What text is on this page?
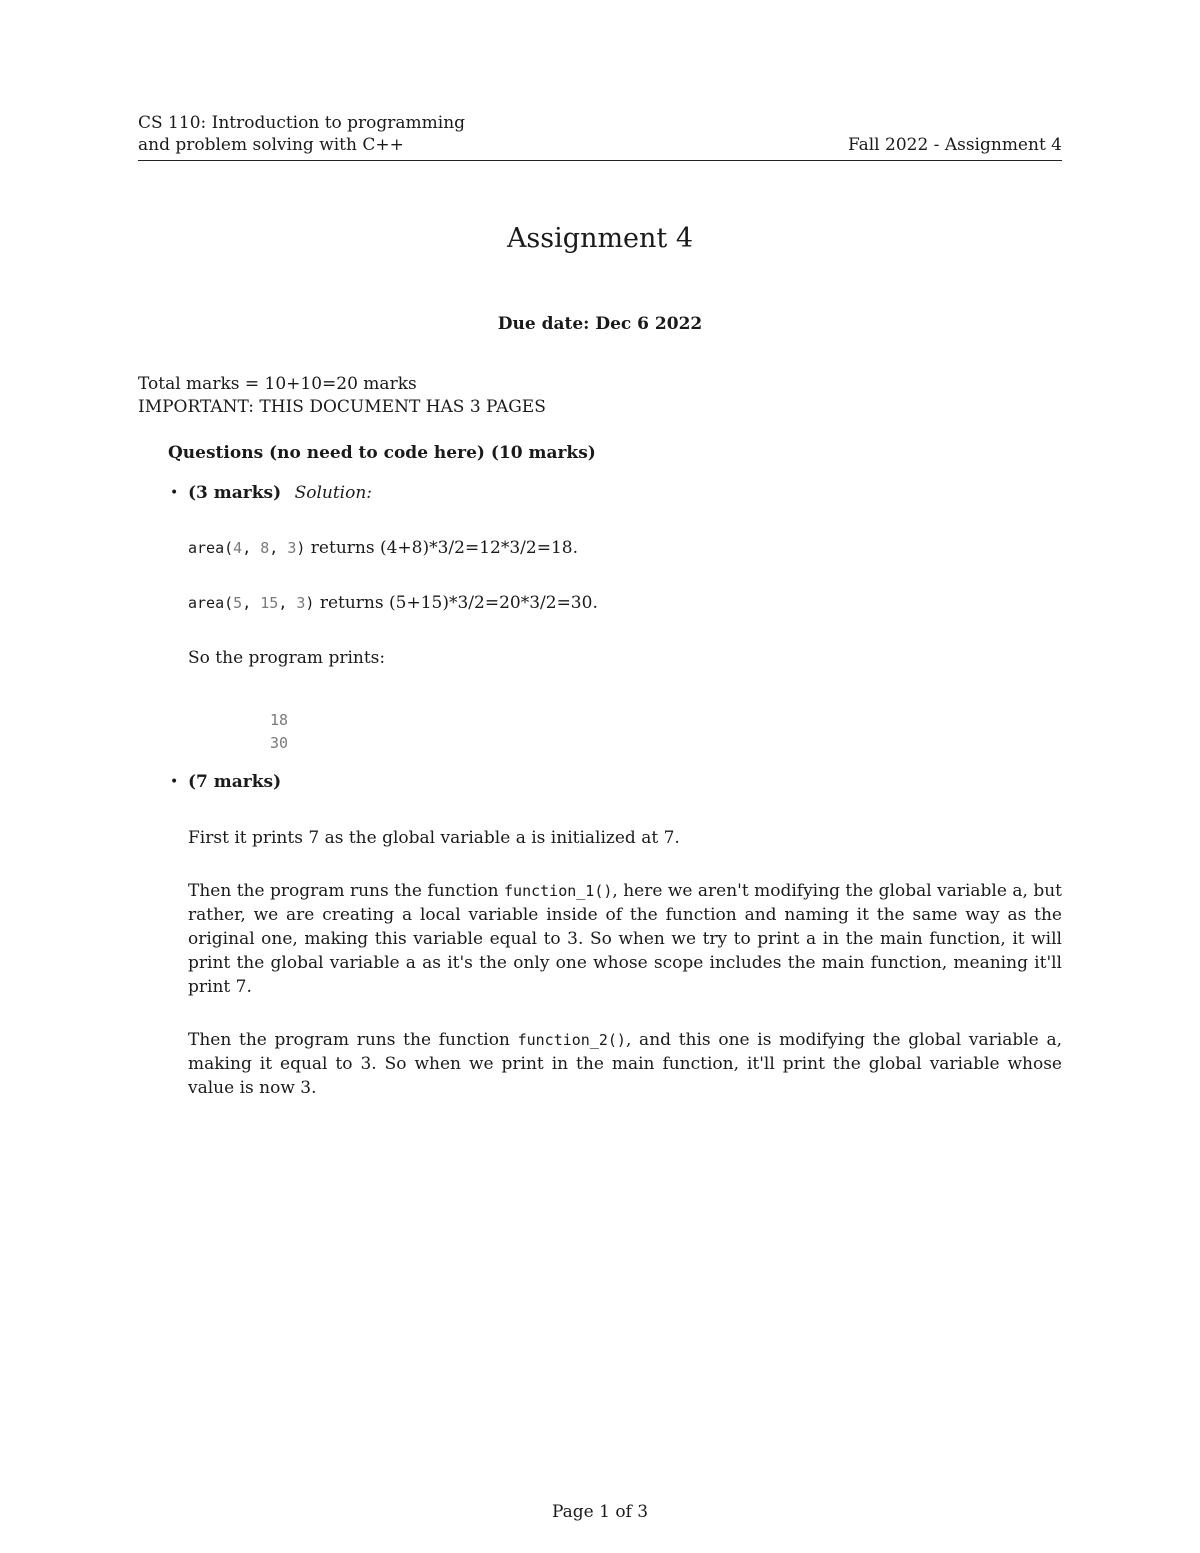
CS 110: Introduction to programming
and problem solving with C++	Fall 2022 - Assignment 4
Assignment 4
Due date: Dec 6 2022
Total marks = 10+10=20 marks
IMPORTANT: THIS DOCUMENT HAS 3 PAGES
Questions (no need to code here) (10 marks)
• (3 marks) Solution:
area(4, 8, 3) returns (4+8)*3/2=12*3/2=18.
area(5, 15, 3) returns (5+15)*3/2=20*3/2=30.
So the program prints:
18
30
• (7 marks)
First it prints 7 as the global variable a is initialized at 7.
Then the program runs the function function_1(), here we aren't modifying the global variable a, but rather, we are creating a local variable inside of the function and naming it the same way as the original one, making this variable equal to 3. So when we try to print a in the main function, it will print the global variable a as it's the only one whose scope includes the main function, meaning it'll print 7.
Then the program runs the function function_2(), and this one is modifying the global variable a, making it equal to 3. So when we print in the main function, it'll print the global variable whose value is now 3.
Page 1 of 3
